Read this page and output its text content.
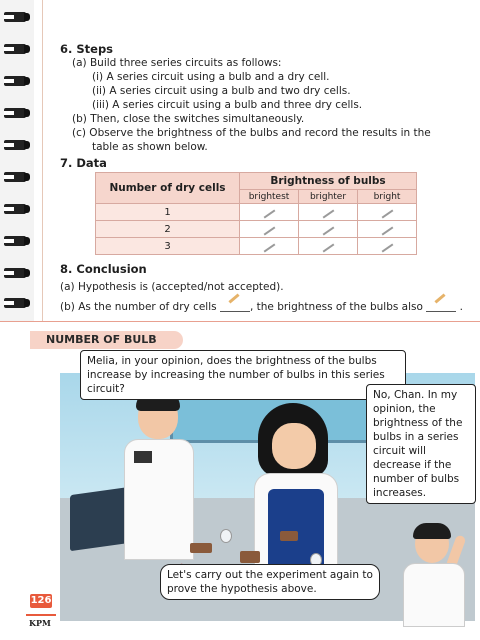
6. Steps
(a) Build three series circuits as follows:
(i) A series circuit using a bulb and a dry cell.
(ii) A series circuit using a bulb and two dry cells.
(iii) A series circuit using a bulb and three dry cells.
(b) Then, close the switches simultaneously.
(c) Observe the brightness of the bulbs and record the results in the
table as shown below.
7. Data
Number of dry cells	Brightness of bulbs		
	brightest	brighter	bright
1			
2			
3			
8. Conclusion
(a) Hypothesis is (accepted/not accepted).
(b) As the number of dry cells	, the brightness of the bulbs also	.
NUMBER OF BULB
Melia, in your opinion, does the brightness of the bulbs increase by increasing the number of bulbs in this series circuit?	No, Chan. In my opinion, the brightness of the bulbs in a series circuit will decrease if the number of bulbs increases.
Let's carry out the experiment again to prove the hypothesis above.
126
KPM
